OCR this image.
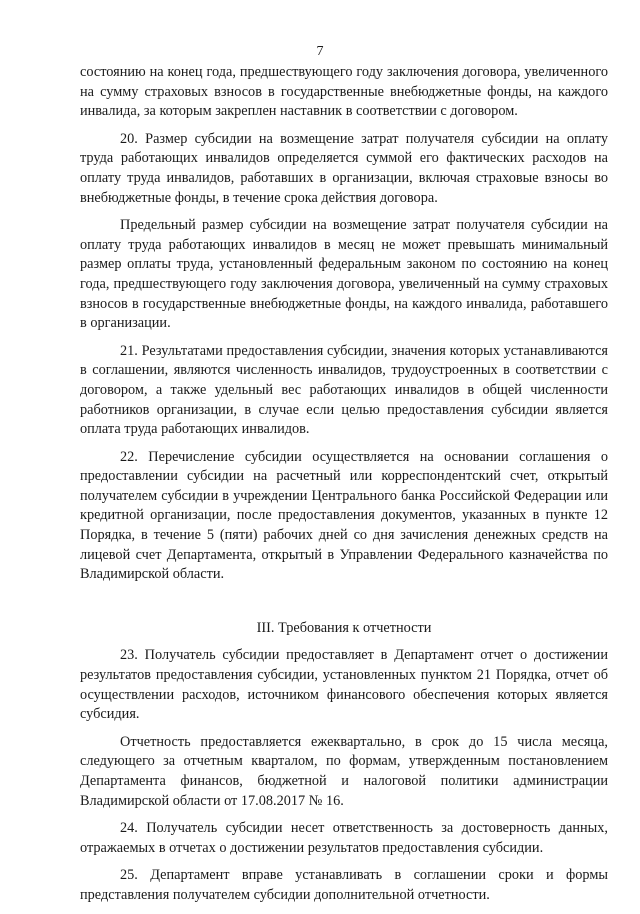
7

состоянию на конец года, предшествующего году заключения договора, увеличенного на сумму страховых взносов в государственные внебюджетные фонды, на каждого инвалида, за которым закреплен наставник в соответствии с договором.

20. Размер субсидии на возмещение затрат получателя субсидии на оплату труда работающих инвалидов определяется суммой его фактических расходов на оплату труда инвалидов, работавших в организации, включая страховые взносы во внебюджетные фонды, в течение срока действия договора.

Предельный размер субсидии на возмещение затрат получателя субсидии на оплату труда работающих инвалидов в месяц не может превышать минимальный размер оплаты труда, установленный федеральным законом по состоянию на конец года, предшествующего году заключения договора, увеличенный на сумму страховых взносов в государственные внебюджетные фонды, на каждого инвалида, работавшего в организации.

21. Результатами предоставления субсидии, значения которых устанавливаются в соглашении, являются численность инвалидов, трудоустроенных в соответствии с договором, а также удельный вес работающих инвалидов в общей численности работников организации, в случае если целью предоставления субсидии является оплата труда работающих инвалидов.

22. Перечисление субсидии осуществляется на основании соглашения о предоставлении субсидии на расчетный или корреспондентский счет, открытый получателем субсидии в учреждении Центрального банка Российской Федерации или кредитной организации, после предоставления документов, указанных в пункте 12 Порядка, в течение 5 (пяти) рабочих дней со дня зачисления денежных средств на лицевой счет Департамента, открытый в Управлении Федерального казначейства по Владимирской области.

III. Требования к отчетности

23. Получатель субсидии предоставляет в Департамент отчет о достижении результатов предоставления субсидии, установленных пунктом 21 Порядка, отчет об осуществлении расходов, источником финансового обеспечения которых является субсидия.

Отчетность предоставляется ежеквартально, в срок до 15 числа месяца, следующего за отчетным кварталом, по формам, утвержденным постановлением Департамента финансов, бюджетной и налоговой политики администрации Владимирской области от 17.08.2017 № 16.

24. Получатель субсидии несет ответственность за достоверность данных, отражаемых в отчетах о достижении результатов предоставления субсидии.

25. Департамент вправе устанавливать в соглашении сроки и формы представления получателем субсидии дополнительной отчетности.
